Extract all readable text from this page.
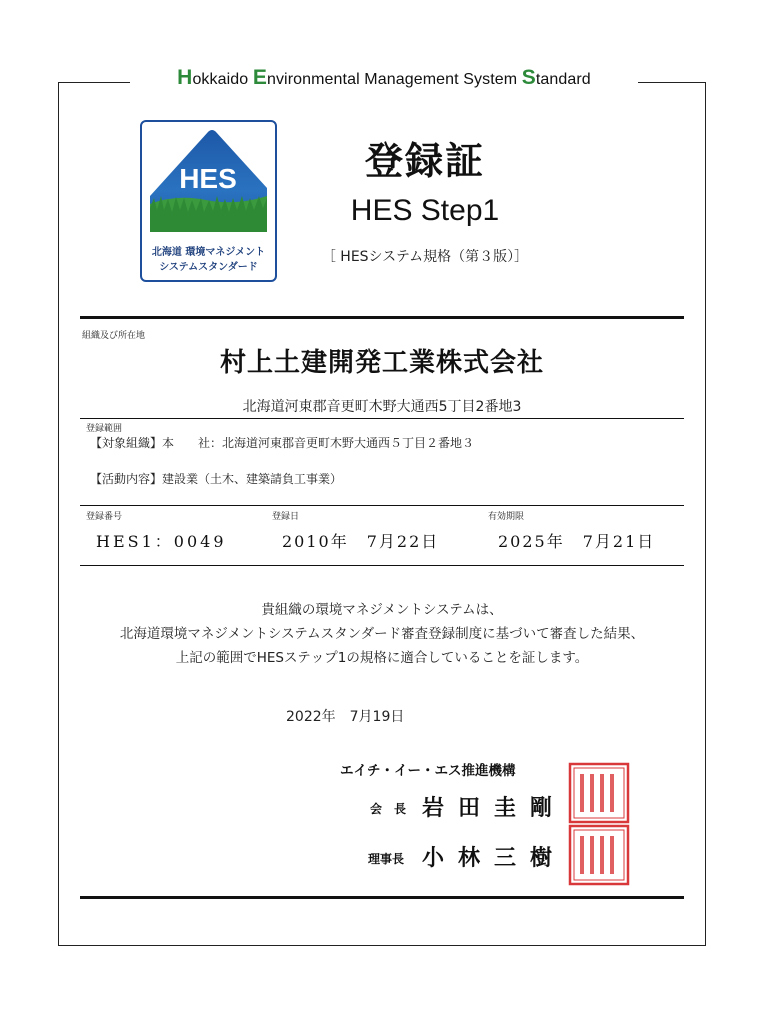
Hokkaido Environmental Management System Standard
HES
北海道 環境マネジメント
システムスタンダード
登録証
HES Step1
［ HESシステム規格（第３版）］
組織及び所在地
村上土建開発工業株式会社
北海道河東郡音更町木野大通西5丁目2番地3
登録範囲
【対象組織】本　　社：北海道河東郡音更町木野大通西５丁目２番地３
【活動内容】建設業（土木、建築請負工事業）
登録番号	登録日	有効期限
HES1：0049	2010年　7月22日	2025年　7月21日
貴組織の環境マネジメントシステムは、
北海道環境マネジメントシステムスタンダード審査登録制度に基づいて審査した結果、
上記の範囲でHESステップ1の規格に適合していることを証します。
2022年　7月19日
エイチ・イー・エス推進機構
会　長 岩田圭剛
理事長 小林三樹
